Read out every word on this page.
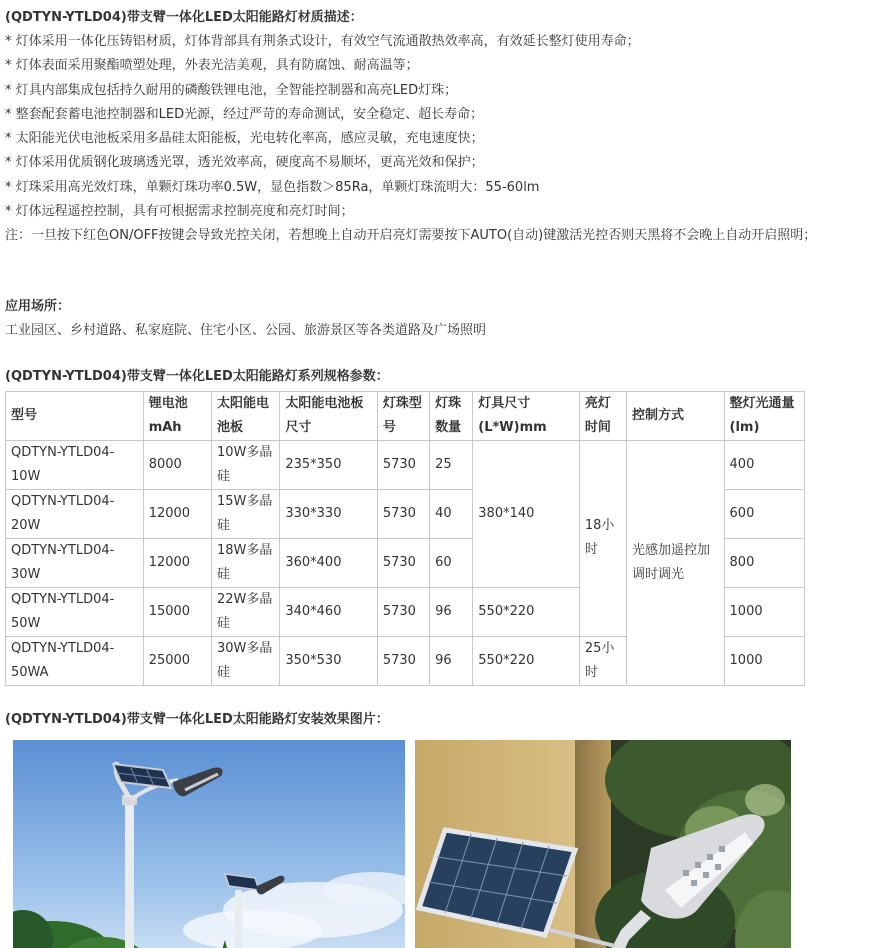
(QDTYN-YTLD04)带支臂一体化LED太阳能路灯材质描述：
* 灯体采用一体化压铸铝材质，灯体背部具有荆条式设计，有效空气流通散热效率高，有效延长整灯使用寿命；
* 灯体表面采用聚酯喷塑处理，外表光洁美观，具有防腐蚀、耐高温等；
* 灯具内部集成包括持久耐用的磷酸铁锂电池，全智能控制器和高亮LED灯珠；
* 整套配套蓄电池控制器和LED光源，经过严苛的寿命测试，安全稳定、超长寿命；
* 太阳能光伏电池板采用多晶硅太阳能板，光电转化率高，感应灵敏，充电速度快；
* 灯体采用优质钢化玻璃透光罩，透光效率高，硬度高不易顺坏，更高光效和保护；
* 灯珠采用高光效灯珠，单颗灯珠功率0.5W，显色指数＞85Ra，单颗灯珠流明大：55-60lm
* 灯体远程遥控控制，具有可根据需求控制亮度和亮灯时间；
注：一旦按下红色ON/OFF按键会导致光控关闭，若想晚上自动开启亮灯需要按下AUTO(自动)键激活光控否则天黑将不会晚上自动开启照明；
应用场所：
工业园区、乡村道路、私家庭院、住宅小区、公园、旅游景区等各类道路及广场照明
(QDTYN-YTLD04)带支臂一体化LED太阳能路灯系列规格参数：
型号	锂电池mAh	太阳能电池板	太阳能电池板尺寸	灯珠型号	灯珠数量	灯具尺寸(L*W)mm	亮灯时间	控制方式	整灯光通量(lm)
QDTYN-YTLD04-10W	8000	10W多晶硅	235*350	5730	25	380*140	18小时	光感加遥控加调时调光	400
QDTYN-YTLD04-20W	12000	15W多晶硅	330*330	5730	40				600
QDTYN-YTLD04-30W	12000	18W多晶硅	360*400	5730	60				800
QDTYN-YTLD04-50W	15000	22W多晶硅	340*460	5730	96	550*220			1000
QDTYN-YTLD04-50WA	25000	30W多晶硅	350*530	5730	96	550*220	25小时		1000
(QDTYN-YTLD04)带支臂一体化LED太阳能路灯安装效果图片：
